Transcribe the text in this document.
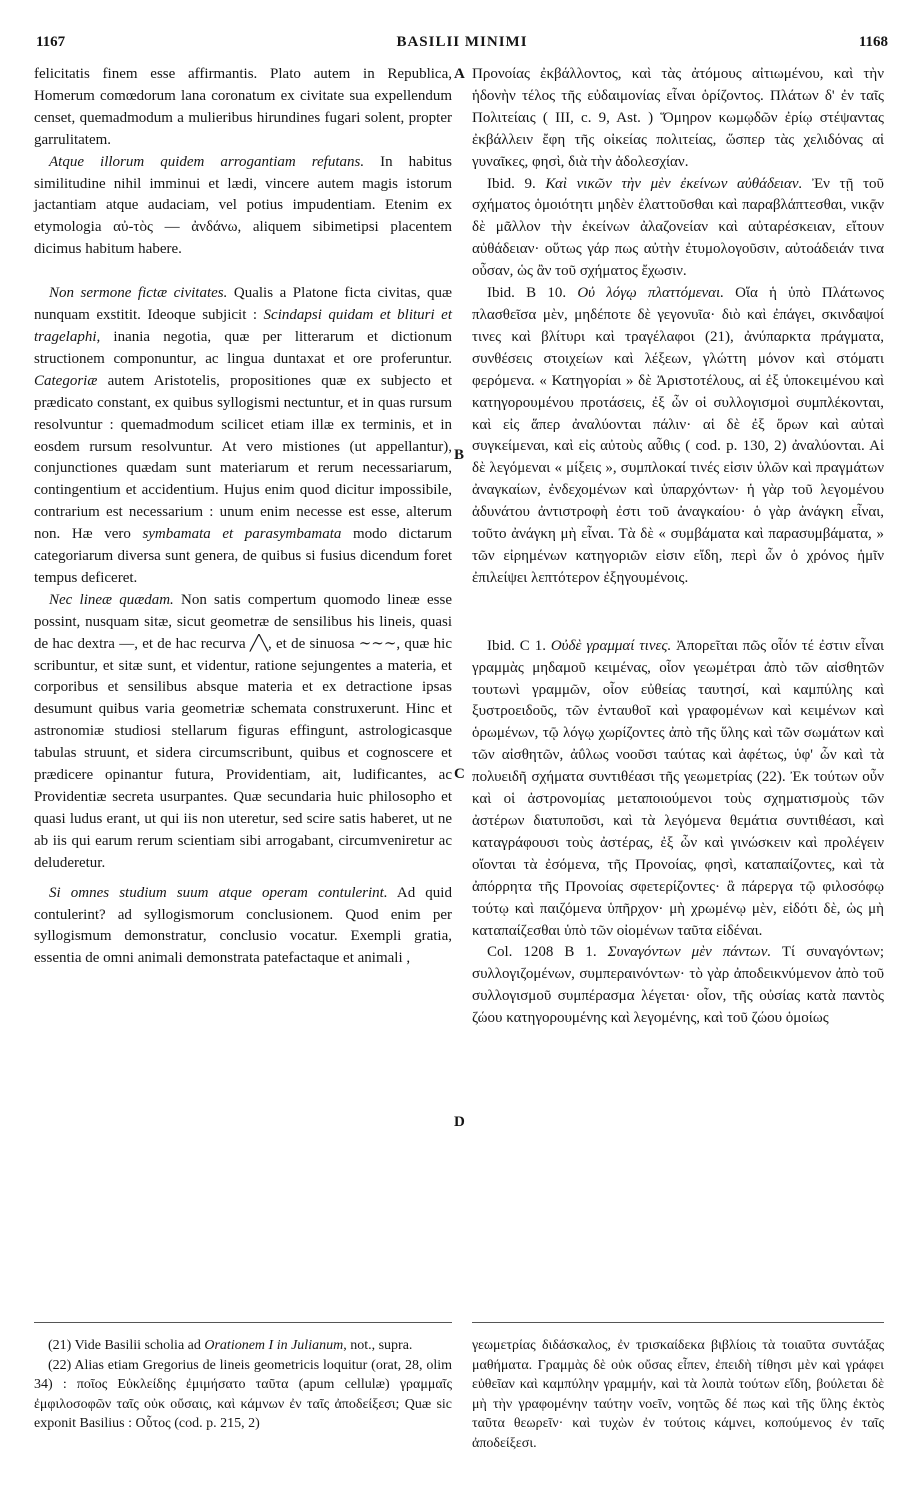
1167	BASILII MINIMI	1168

felicitatis finem esse affirmantis. Plato autem in Republica, Homerum comœdorum lana coronatum ex civitate sua expellendum censet, quemadmodum a mulieribus hirundines fugari solent, propter garrulitatem.

 Atque illorum quidem arrogantiam refutans. In habitus similitudine nihil imminui et lædi, vincere autem magis istorum jactantiam atque audaciam, vel potius impudentiam. Etenim ex etymologia αὐ-τὸς — ἀνδάνω, aliquem sibimetipsi placentem dicimus habitum habere.

 Non sermone fictæ civitates. Qualis a Platone ficta civitas, quæ nunquam exstitit. Ideoque subjicit : Scindapsi quidam et blituri et tragelaphi, inania negotia, quæ per litterarum et dictionum structionem componuntur, ac lingua duntaxat et ore proferuntur. Categoriæ autem Aristotelis, propositiones quæ ex subjecto et prædicato constant, ex quibus syllogismi nectuntur, et in quas rursum resolvuntur : quemadmodum scilicet etiam illæ ex terminis, et in eosdem rursum resolvuntur. At vero mistiones (ut appellantur), conjunctiones quædam sunt materiarum et rerum necessariarum, contingentium et accidentium. Hujus enim quod dicitur impossibile, contrarium est necessarium : unum enim necesse est esse, alterum non. Hæ vero symbamata et parasymbamata modo dictarum categoriarum diversa sunt genera, de quibus si fusius dicendum foret tempus deficeret.

 Nec lineæ quædam. Non satis compertum quomodo lineæ esse possint, nusquam sitæ, sicut geometræ de sensilibus his lineis, quasi de hac dextra —, et de hac recurva ╱╲, et de sinuosa ∼∼∼, quæ hic scribuntur, et sitæ sunt, et videntur, ratione sejungentes a materia, et corporibus et sensilibus absque materia et ex detractione ipsas desumunt quibus varia geometriæ schemata construxerunt. Hinc et astronomiæ studiosi stellarum figuras effingunt, astrologicasque tabulas struunt, et sidera circumscribunt, quibus et cognoscere et prædicere opinantur futura, Providentiam, ait, ludificantes, ac Providentiæ secreta usurpantes. Quæ secundaria huic philosopho et quasi ludus erant, ut qui iis non uteretur, sed scire satis haberet, ut ne ab iis qui earum rerum scientiam sibi arrogabant, circumveniretur ac deluderetur.

 Si omnes studium suum atque operam contulerint. Ad quid contulerint? ad syllogismorum conclusionem. Quod enim per syllogismum demonstratur, conclusio vocatur. Exempli gratia, essentia de omni animali demonstrata patefactaque et animali ,

A
B
C
D

Προνοίας ἐκβάλλοντος, καὶ τὰς ἀτόμους αἰτιωμένου, καὶ τὴν ἡδονὴν τέλος τῆς εὐδαιμονίας εἶναι ὁρίζοντος. Πλάτων δ' ἐν ταῖς Πολιτείαις ( III, c. 9, Ast. ) Ὅμηρον κωμῳδῶν ἐρίῳ στέψαντας ἐκβάλλειν ἔφη τῆς οἰκείας πολιτείας, ὥσπερ τὰς χελιδόνας αἱ γυναῖκες, φησὶ, διὰ τὴν ἀδολεσχίαν.

 Ibid. 9. Καὶ νικῶν τὴν μὲν ἐκείνων αὐθάδειαν. Ἐν τῇ τοῦ σχήματος ὁμοιότητι μηδὲν ἐλαττοῦσθαι καὶ παραβλάπτεσθαι, νικᾷν δὲ μᾶλλον τὴν ἐκείνων ἀλαζονείαν καὶ αὐταρέσκειαν, εἴτουν αὐθάδειαν· οὕτως γάρ πως αὐτὴν ἐτυμολογοῦσιν, αὐτοάδειάν τινα οὖσαν, ὡς ἂν τοῦ σχήματος ἔχωσιν.

 Ibid. B 10. Οὐ λόγῳ πλαττόμεναι. Οἵα ἡ ὑπὸ Πλάτωνος πλασθεῖσα μὲν, μηδέποτε δὲ γεγονυῖα· διὸ καὶ ἐπάγει, σκινδαψοί τινες καὶ βλίτυρι καὶ τραγέλαφοι (21), ἀνύπαρκτα πράγματα, συνθέσεις στοιχείων καὶ λέξεων, γλώττη μόνον καὶ στόματι φερόμενα. « Κατηγορίαι » δὲ Ἀριστοτέλους, αἱ ἐξ ὑποκειμένου καὶ κατηγορουμένου προτάσεις, ἐξ ὧν οἱ συλλογισμοὶ συμπλέκονται, καὶ εἰς ἅπερ ἀναλύονται πάλιν· αἱ δὲ ἐξ ὅρων καὶ αὐταὶ συγκείμεναι, καὶ εἰς αὐτοὺς αὖθις ( cod. p. 130, 2) ἀναλύονται. Αἱ δὲ λεγόμεναι « μίξεις », συμπλοκαί τινές εἰσιν ὑλῶν καὶ πραγμάτων ἀναγκαίων, ἐνδεχομένων καὶ ὑπαρχόντων· ἡ γὰρ τοῦ λεγομένου ἀδυνάτου ἀντιστροφὴ ἐστι τοῦ ἀναγκαίου· ὁ γὰρ ἀνάγκη εἶναι, τοῦτο ἀνάγκη μὴ εἶναι. Τὰ δὲ « συμβάματα καὶ παρασυμβάματα, » τῶν εἰρημένων κατηγοριῶν εἰσιν εἴδη, περὶ ὧν ὁ χρόνος ἡμῖν ἐπιλείψει λεπτότερον ἐξηγουμένοις.

 Ibid. C 1. Οὐδὲ γραμμαί τινες. Ἀπορεῖται πῶς οἷόν τέ ἐστιν εἶναι γραμμὰς μηδαμοῦ κειμένας, οἷον γεωμέτραι ἀπὸ τῶν αἰσθητῶν τουτωνὶ γραμμῶν, οἷον εὐθείας ταυτησί, καὶ καμπύλης καὶ ξυστροειδοῦς, τῶν ἐνταυθοῖ καὶ γραφομένων καὶ κειμένων καὶ ὁρωμένων, τῷ λόγῳ χωρίζοντες ἀπὸ τῆς ὕλης καὶ τῶν σωμάτων καὶ τῶν αἰσθητῶν, ἀΰλως νοοῦσι ταύτας καὶ ἀφέτως, ὑφ' ὧν καὶ τὰ πολυειδῆ σχήματα συντιθέασι τῆς γεωμετρίας (22). Ἐκ τούτων οὖν καὶ οἱ ἀστρονομίας μεταποιούμενοι τοὺς σχηματισμοὺς τῶν ἀστέρων διατυποῦσι, καὶ τὰ λεγόμενα θεμάτια συντιθέασι, καὶ καταγράφουσι τοὺς ἀστέρας, ἐξ ὧν καὶ γινώσκειν καὶ προλέγειν οἴονται τὰ ἐσόμενα, τῆς Προνοίας, φησὶ, καταπαίζοντες, καὶ τὰ ἀπόρρητα τῆς Προνοίας σφετερίζοντες· ἃ πάρεργα τῷ φιλοσόφῳ τούτῳ καὶ παιζόμενα ὑπῆρχον· μὴ χρωμένῳ μὲν, εἰδότι δὲ, ὡς μὴ καταπαίζεσθαι ὑπὸ τῶν οἰομένων ταῦτα εἰδέναι.

 Col. 1208 B 1. Συναγόντων μὲν πάντων. Τί συναγόντων; συλλογιζομένων, συμπεραινόντων· τὸ γὰρ ἀποδεικνύμενον ἀπὸ τοῦ συλλογισμοῦ συμπέρασμα λέγεται· οἷον, τῆς οὐσίας κατὰ παντὸς ζώου κατηγορουμένης καὶ λεγομένης, καὶ τοῦ ζώου ὁμοίως

 (21) Vide Basilii scholia ad Orationem I in Julianum, not., supra.
 (22) Alias etiam Gregorius de lineis geometricis loquitur (orat, 28, olim 34) : ποῖος Εὐκλείδης ἐμιμήσατο ταῦτα (apum cellulæ) γραμμαῖς ἐμφιλοσοφῶν ταῖς οὐκ οὔσαις, καὶ κάμνων ἐν ταῖς ἀποδείξεσι; Quæ sic exponit Basilius : Οὗτος (cod. p. 215, 2)
γεωμετρίας διδάσκαλος, ἐν τρισκαίδεκα βιβλίοις τὰ τοιαῦτα συντάξας μαθήματα. Γραμμὰς δὲ οὐκ οὔσας εἶπεν, ἐπειδὴ τίθησι μὲν καὶ γράφει εὐθεῖαν καὶ καμπύλην γραμμήν, καὶ τὰ λοιπὰ τούτων εἴδη, βούλεται δὲ μὴ τὴν γραφομένην ταύτην νοεῖν, νοητῶς δέ πως καὶ τῆς ὕλης ἐκτὸς ταῦτα θεωρεῖν· καὶ τυχὼν ἐν τούτοις κάμνει, κοπούμενος ἐν ταῖς ἀποδείξεσι.
